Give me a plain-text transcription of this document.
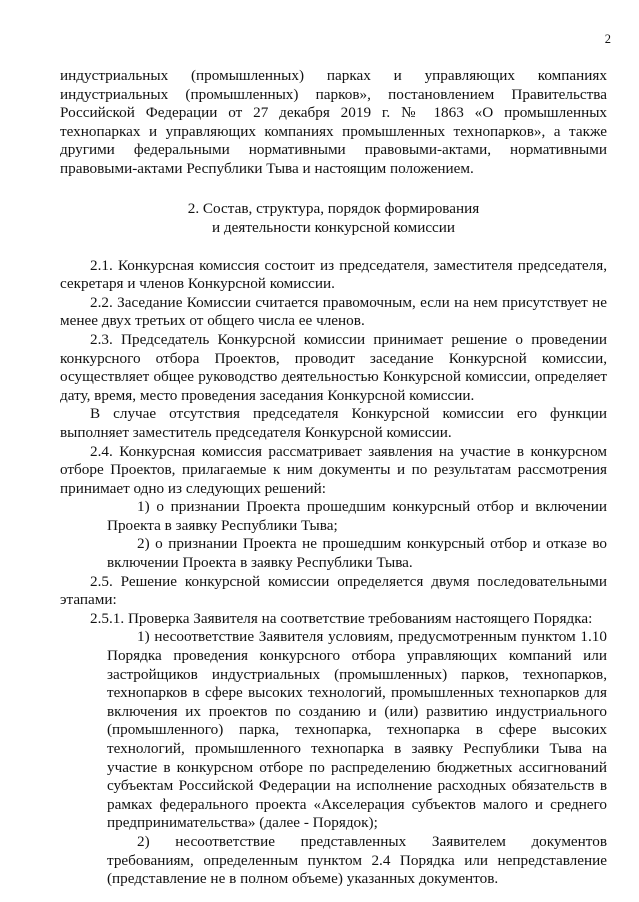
2

индустриальных (промышленных) парках и управляющих компаниях индустриальных (промышленных) парков», постановлением Правительства Российской Федерации от 27 декабря 2019 г. № 1863 «О промышленных технопарках и управляющих компаниях промышленных технопарков», а также другими федеральными нормативными правовыми-актами, нормативными правовыми-актами Республики Тыва и настоящим положением.

2. Состав, структура, порядок формирования
и деятельности конкурсной комиссии

2.1. Конкурсная комиссия состоит из председателя, заместителя председателя, секретаря и членов Конкурсной комиссии.

2.2. Заседание Комиссии считается правомочным, если на нем присутствует не менее двух третьих от общего числа ее членов.

2.3. Председатель Конкурсной комиссии принимает решение о проведении конкурсного отбора Проектов, проводит заседание Конкурсной комиссии, осуществляет общее руководство деятельностью Конкурсной комиссии, определяет дату, время, место проведения заседания Конкурсной комиссии.

В случае отсутствия председателя Конкурсной комиссии его функции выполняет заместитель председателя Конкурсной комиссии.

2.4. Конкурсная комиссия рассматривает заявления на участие в конкурсном отборе Проектов, прилагаемые к ним документы и по результатам рассмотрения принимает одно из следующих решений:

1) о признании Проекта прошедшим конкурсный отбор и включении Проекта в заявку Республики Тыва;

2) о признании Проекта не прошедшим конкурсный отбор и отказе во включении Проекта в заявку Республики Тыва.

2.5. Решение конкурсной комиссии определяется двумя последовательными этапами:

2.5.1. Проверка Заявителя на соответствие требованиям настоящего Порядка:

1) несоответствие Заявителя условиям, предусмотренным пунктом 1.10 Порядка проведения конкурсного отбора управляющих компаний или застройщиков индустриальных (промышленных) парков, технопарков, технопарков в сфере высоких технологий, промышленных технопарков для включения их проектов по созданию и (или) развитию индустриального (промышленного) парка, технопарка, технопарка в сфере высоких технологий, промышленного технопарка в заявку Республики Тыва на участие в конкурсном отборе по распределению бюджетных ассигнований субъектам Российской Федерации на исполнение расходных обязательств в рамках федерального проекта «Акселерация субъектов малого и среднего предпринимательства» (далее - Порядок);

2) несоответствие представленных Заявителем документов требованиям, определенным пунктом 2.4 Порядка или непредставление (представление не в полном объеме) указанных документов.
